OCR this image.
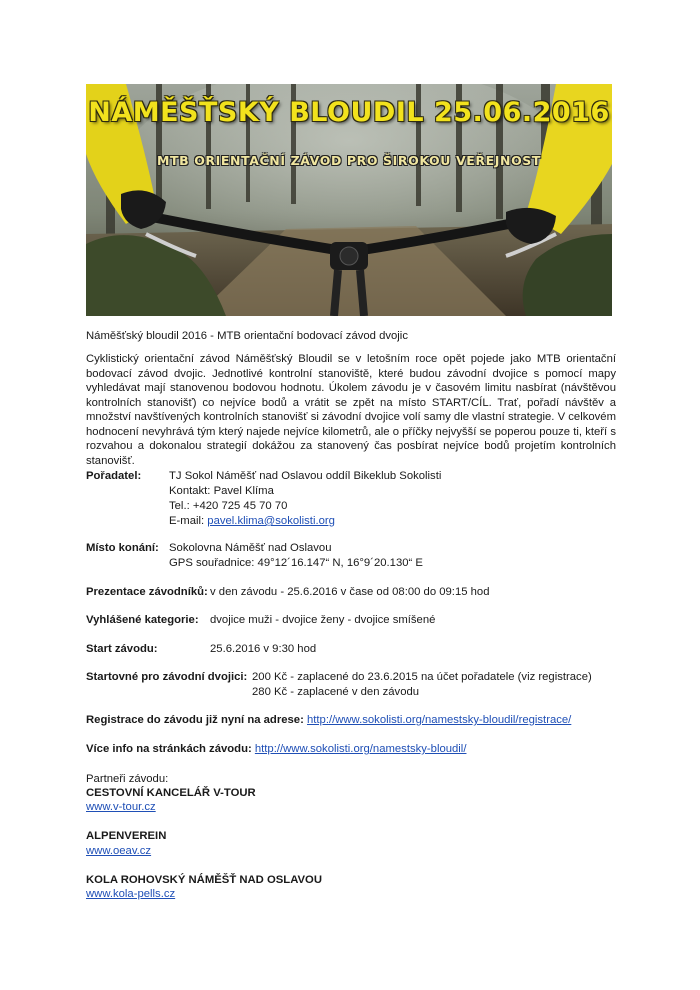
NÁMĚŠŤSKÝ BLOUDIL 25.06.2016
MTB ORIENTAČNÍ ZÁVOD PRO ŠIROKOU VEŘEJNOST
Náměšťský bloudil 2016 - MTB orientační bodovací závod dvojic
Cyklistický orientační závod Náměšťský Bloudil se v letošním roce opět pojede jako MTB orientační bodovací závod dvojic. Jednotlivé kontrolní stanoviště, které budou závodní dvojice s pomocí mapy vyhledávat mají stanovenou bodovou hodnotu. Úkolem závodu je v časovém limitu nasbírat (návštěvou kontrolních stanovišť) co nejvíce bodů a vrátit se zpět na místo START/CÍL. Trať, pořadí návštěv a množství navštívených kontrolních stanovišť si závodní dvojice volí samy dle vlastní strategie. V celkovém hodnocení nevyhrává tým který najede nejvíce kilometrů, ale o příčky nejvyšší se poperou pouze ti, kteří s rozvahou a dokonalou strategií dokážou za stanovený čas posbírat nejvíce bodů projetím kontrolních stanovišť.
Pořadatel: TJ Sokol Náměšť nad Oslavou oddíl Bikeklub Sokolisti
Kontakt: Pavel Klíma
Tel.: +420 725 45 70 70
E-mail: pavel.klima@sokolisti.org
Místo konání: Sokolovna Náměšť nad Oslavou
GPS souřadnice: 49°12´16.147“ N, 16°9´20.130“ E
Prezentace závodníků: v den závodu - 25.6.2016 v čase od 08:00 do 09:15 hod
Vyhlášené kategorie: dvojice muži - dvojice ženy - dvojice smíšené
Start závodu:	25.6.2016 v 9:30 hod
Startovné pro závodní dvojici: 200 Kč - zaplacené do 23.6.2015 na účet pořadatele (viz registrace)
280 Kč - zaplacené v den závodu
Registrace do závodu již nyní na adrese: http://www.sokolisti.org/namestsky-bloudil/registrace/
Více info na stránkách závodu: http://www.sokolisti.org/namestsky-bloudil/
Partneři závodu:
CESTOVNÍ KANCELÁŘ V-TOUR
www.v-tour.cz
ALPENVEREIN
www.oeav.cz
KOLA ROHOVSKÝ NÁMĚŠŤ NAD OSLAVOU
www.kola-pells.cz
